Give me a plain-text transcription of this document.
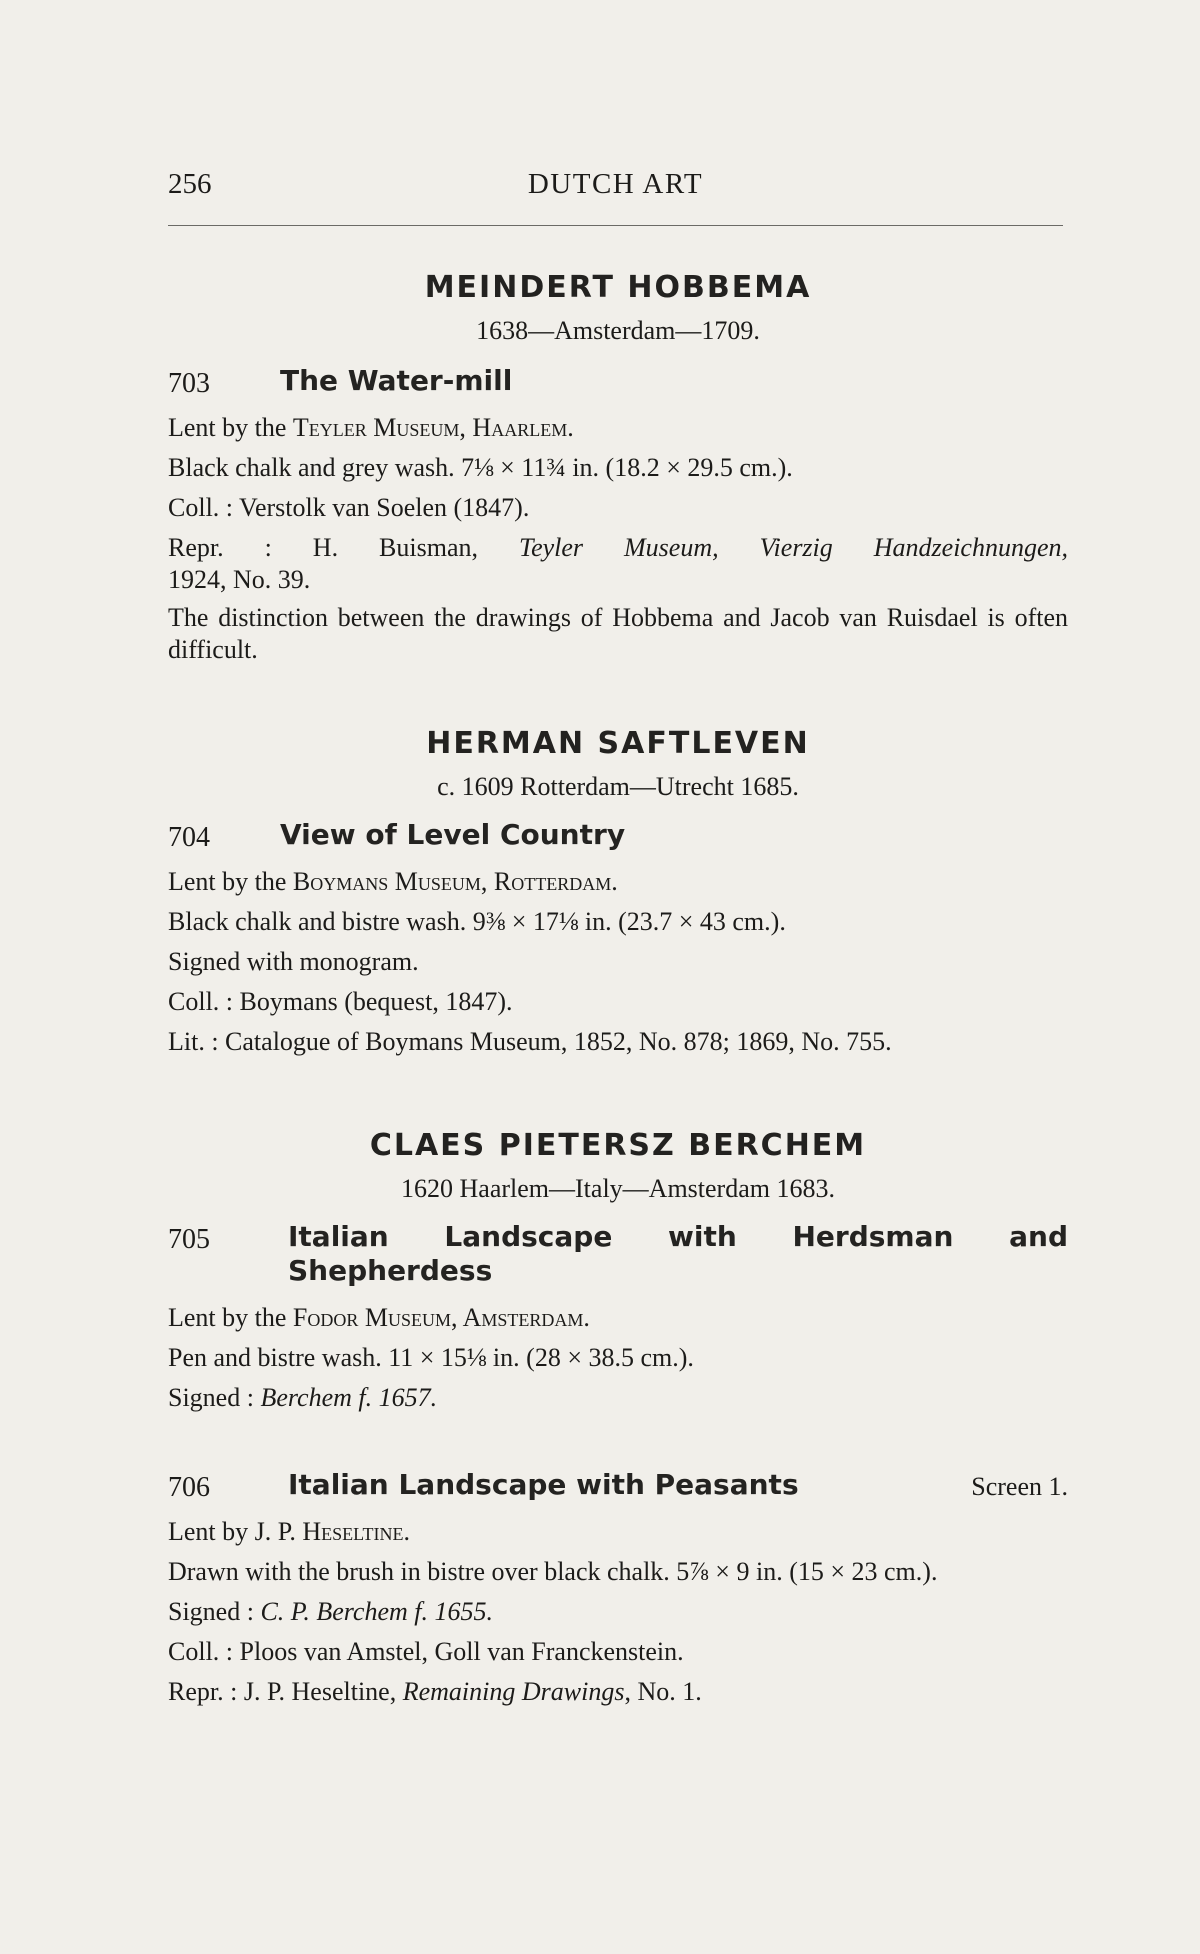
256	DUTCH ART

MEINDERT HOBBEMA

1638—Amsterdam—1709.

703	The Water-mill

Lent by the Teyler Museum, Haarlem.

Black chalk and grey wash. 7⅛ × 11¾ in. (18.2 × 29.5 cm.).

Coll. : Verstolk van Soelen (1847).

Repr. : H. Buisman, Teyler Museum, Vierzig Handzeichnungen,

1924, No. 39.

The distinction between the drawings of Hobbema and Jacob van Ruisdael is often difficult.

HERMAN SAFTLEVEN

c. 1609 Rotterdam—Utrecht 1685.

704	View of Level Country

Lent by the Boymans Museum, Rotterdam.

Black chalk and bistre wash. 9⅜ × 17⅛ in. (23.7 × 43 cm.).

Signed with monogram.

Coll. : Boymans (bequest, 1847).

Lit. : Catalogue of Boymans Museum, 1852, No. 878; 1869, No. 755.

CLAES PIETERSZ BERCHEM

1620 Haarlem—Italy—Amsterdam 1683.

705	Italian Landscape with Herdsman and Shepherdess

Lent by the Fodor Museum, Amsterdam.

Pen and bistre wash. 11 × 15⅛ in. (28 × 38.5 cm.).

Signed : Berchem f. 1657.

706	Italian Landscape with Peasants	Screen 1.

Lent by J. P. Heseltine.

Drawn with the brush in bistre over black chalk. 5⅞ × 9 in. (15 × 23 cm.).

Signed : C. P. Berchem f. 1655.

Coll. : Ploos van Amstel, Goll van Franckenstein.

Repr. : J. P. Heseltine, Remaining Drawings, No. 1.
